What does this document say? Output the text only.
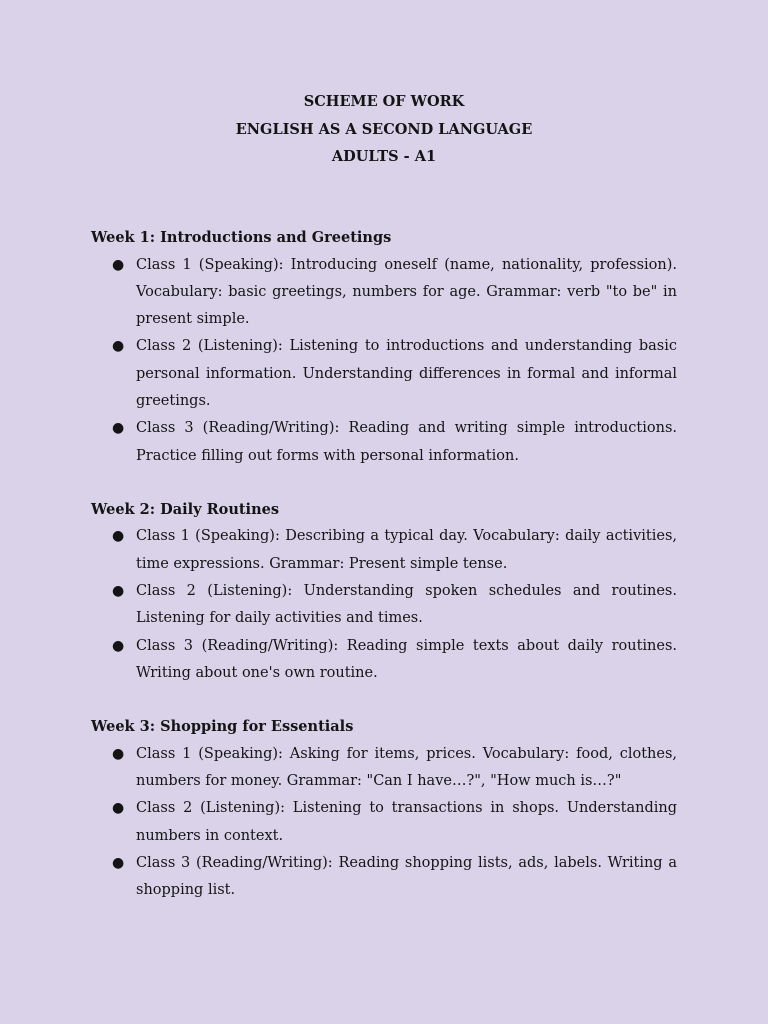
SCHEME OF WORK
ENGLISH AS A SECOND LANGUAGE
ADULTS - A1

Week 1: Introductions and Greetings

● Class 1 (Speaking): Introducing oneself (name, nationality, profession). Vocabulary: basic greetings, numbers for age. Grammar: verb "to be" in present simple.
● Class 2 (Listening): Listening to introductions and understanding basic personal information. Understanding differences in formal and informal greetings.
● Class 3 (Reading/Writing): Reading and writing simple introductions. Practice filling out forms with personal information.

Week 2: Daily Routines

● Class 1 (Speaking): Describing a typical day. Vocabulary: daily activities, time expressions. Grammar: Present simple tense.
● Class 2 (Listening): Understanding spoken schedules and routines. Listening for daily activities and times.
● Class 3 (Reading/Writing): Reading simple texts about daily routines. Writing about one's own routine.

Week 3: Shopping for Essentials

● Class 1 (Speaking): Asking for items, prices. Vocabulary: food, clothes, numbers for money. Grammar: "Can I have…?", "How much is…?"
● Class 2 (Listening): Listening to transactions in shops. Understanding numbers in context.
● Class 3 (Reading/Writing): Reading shopping lists, ads, labels. Writing a shopping list.
